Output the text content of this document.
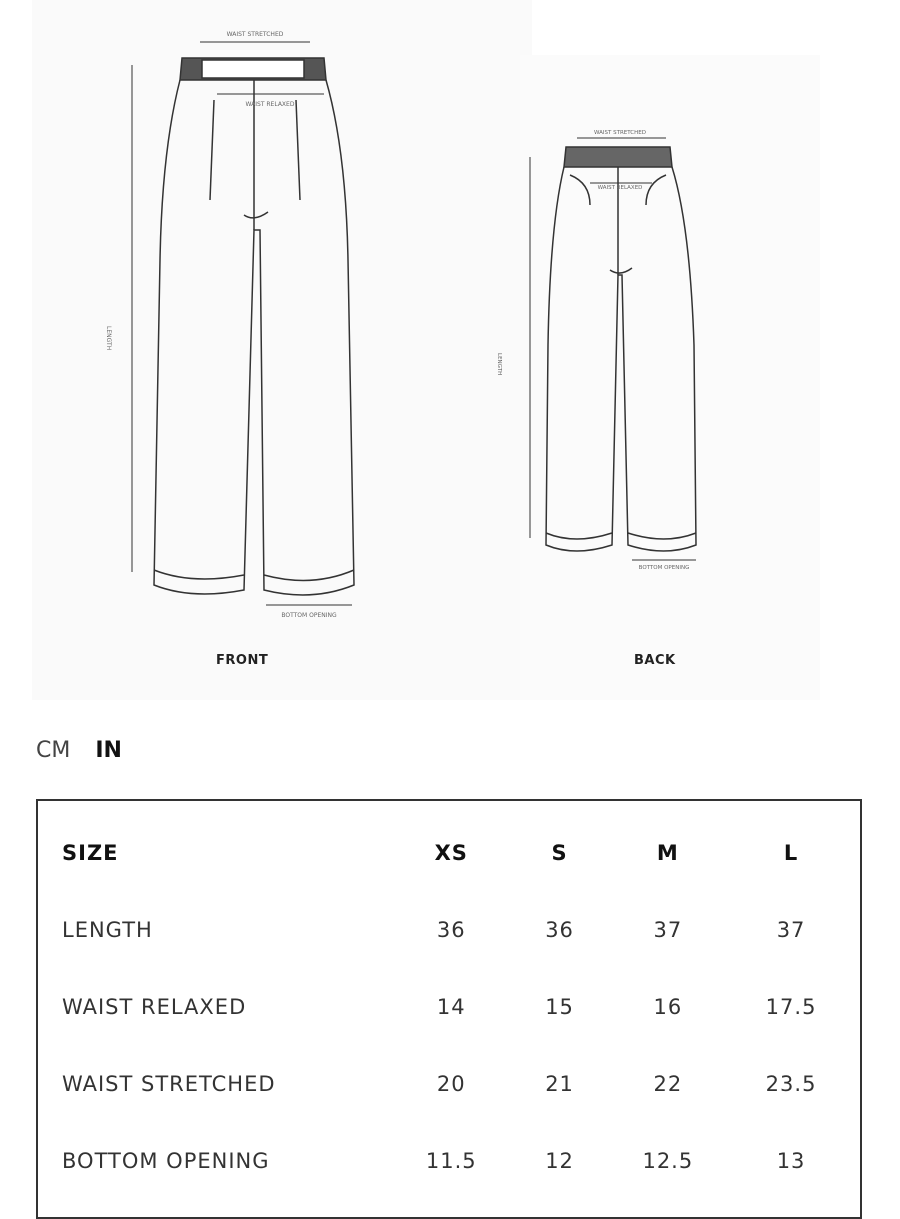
WAIST STRETCHED
WAIST RELAXED
LENGTH
BOTTOM OPENING
FRONT
WAIST STRETCHED
WAIST RELAXED
LENGTH
BOTTOM OPENING
BACK
CM IN
SIZE	XS	S	M	L
LENGTH	36	36	37	37
WAIST RELAXED	14	15	16	17.5
WAIST STRETCHED	20	21	22	23.5
BOTTOM OPENING	11.5	12	12.5	13
